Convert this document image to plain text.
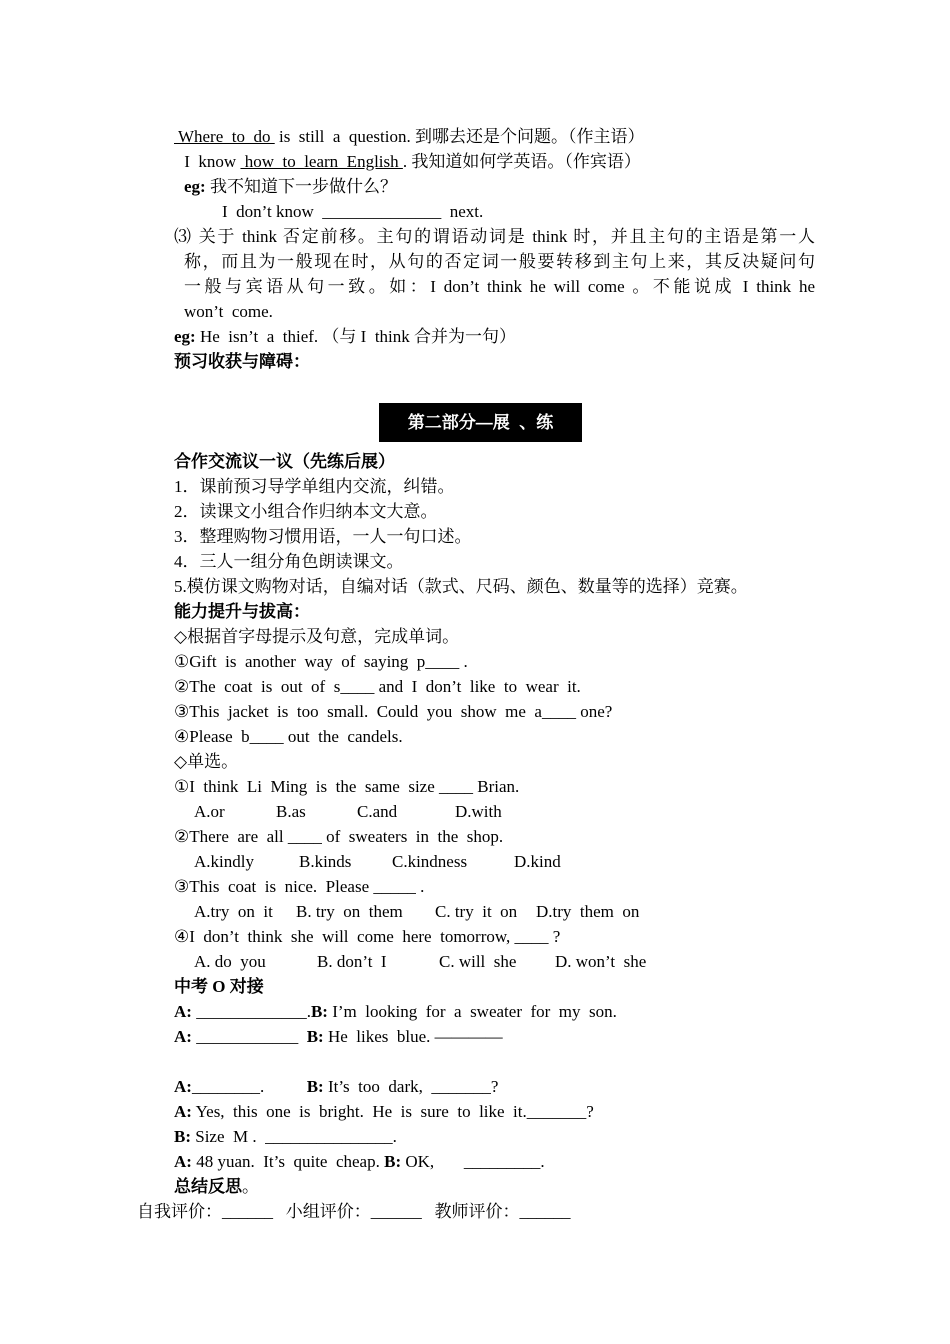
Where  to  do  is  still  a  question. 到哪去还是个问题。（作主语）
I  know  how  to  learn  English . 我知道如何学英语。（作宾语）
eg: 我不知道下一步做什么？
I  don’t know  ______________  next.
⑶ 关于 think 否定前移。主句的谓语动词是 think 时，并且主句的主语是第一人
称，而且为一般现在时，从句的否定词一般要转移到主句上来，其反决疑问句
一般与宾语从句一致。如：I don’t think he will come 。不能说成 I think he
won’t  come.
eg: He  isn’t  a  thief. （与 I  think 合并为一句）
预习收获与障碍：
第二部分—展  、练
合作交流议一议（先练后展）
1．课前预习导学单组内交流，纠错。
2．读课文小组合作归纳本文大意。
3．整理购物习惯用语，一人一句口述。
4．三人一组分角色朗读课文。
5.模仿课文购物对话，自编对话（款式、尺码、颜色、数量等的选择）竞赛。
能力提升与拔高：
◇根据首字母提示及句意，完成单词。
①Gift  is  another  way  of  saying  p____ .
②The  coat  is  out  of  s____ and  I  don’t  like  to  wear  it.
③This  jacket  is  too  small.  Could  you  show  me  a____ one?
④Please  b____ out  the  candels.
◇单选。
①I  think  Li  Ming  is  the  same  size ____ Brian.
A.or	B.as	C.and	D.with
②There  are  all ____ of  sweaters  in  the  shop.
A.kindly	B.kinds C.kindness	D.kind
③This  coat  is  nice.  Please _____ .
A.try  on  it B. try  on  them C. try  it  on D.try  them  on
④I  don’t  think  she  will  come  here  tomorrow, ____ ?
A. do  you	B. don’t  I	C. will  she D. won’t  she
中考 O 对接
A: _____________.B: I’m  looking  for  a  sweater  for  my  son.
A: ____________  B: He  likes  blue. ————
A:________.          B: It’s  too  dark,  _______?
A: Yes,  this  one  is  bright.  He  is  sure  to  like  it._______?
B: Size  M .  _______________.
A: 48 yuan.  It’s  quite  cheap. B: OK,       _________.
总结反思。
自我评价：______   小组评价：______   教师评价：______
